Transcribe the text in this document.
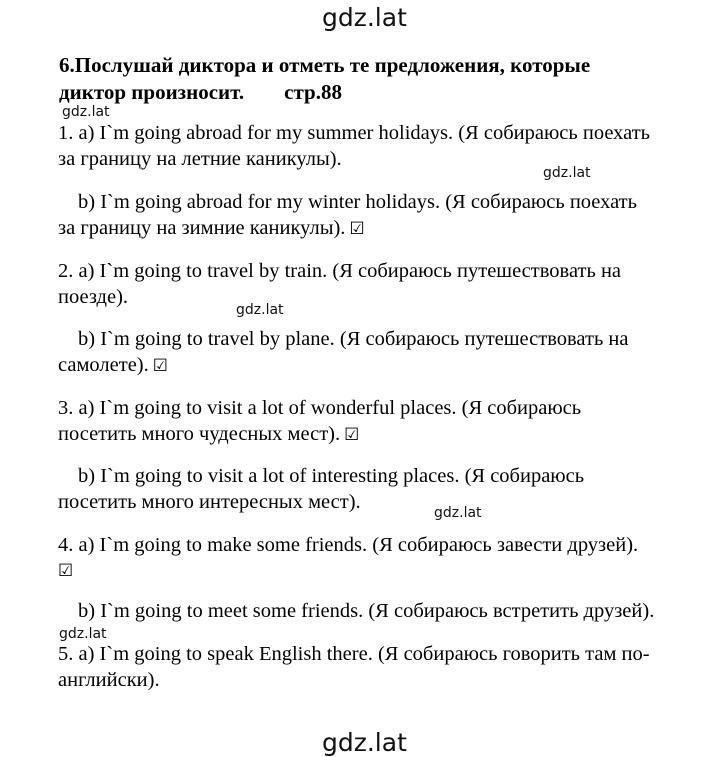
gdz.lat
gdz.lat
gdz.lat
gdz.lat
gdz.lat
gdz.lat
gdz.lat
6.Послушай диктора и отметь те предложения, которые диктор произносит. стр.88
1. a) I`m going abroad for my summer holidays. (Я собираюсь поехать
за границу на летние каникулы).
b) I`m going abroad for my winter holidays. (Я собираюсь поехать
за границу на зимние каникулы). ☑
2. a) I`m going to travel by train. (Я собираюсь путешествовать на
поезде).
b) I`m going to travel by plane. (Я собираюсь путешествовать на
самолете). ☑
3. a) I`m going to visit a lot of wonderful places. (Я собираюсь
посетить много чудесных мест). ☑
b) I`m going to visit a lot of interesting places. (Я собираюсь
посетить много интересных мест).
4. a) I`m going to make some friends. (Я собираюсь завести друзей).
☑
b) I`m going to meet some friends. (Я собираюсь встретить друзей).
5. a) I`m going to speak English there. (Я собираюсь говорить там по-
английски).
